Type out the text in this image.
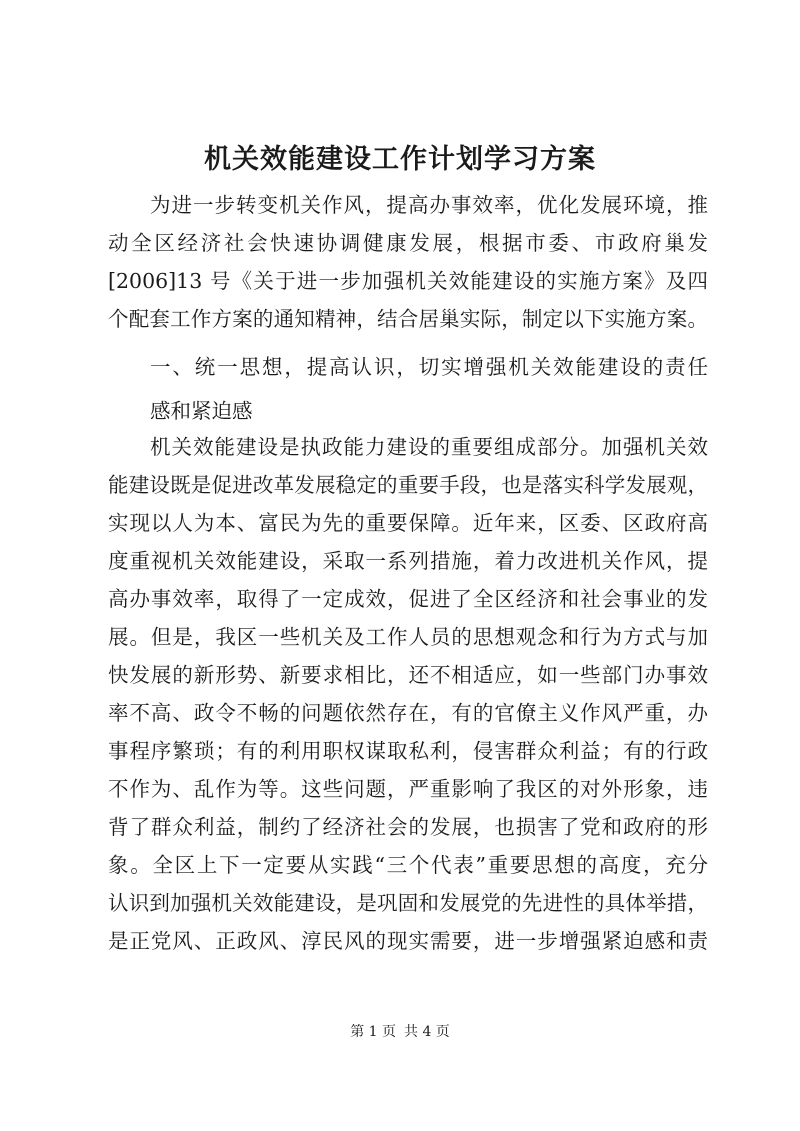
机关效能建设工作计划学习方案

为进一步转变机关作风，提高办事效率，优化发展环境，推

动全区经济社会快速协调健康发展，根据市委、市政府巢发

[2006]13 号《关于进一步加强机关效能建设的实施方案》及四

个配套工作方案的通知精神，结合居巢实际，制定以下实施方案。

一、统一思想，提高认识，切实增强机关效能建设的责任

感和紧迫感

机关效能建设是执政能力建设的重要组成部分。加强机关效

能建设既是促进改革发展稳定的重要手段，也是落实科学发展观，

实现以人为本、富民为先的重要保障。近年来，区委、区政府高

度重视机关效能建设，采取一系列措施，着力改进机关作风，提

高办事效率，取得了一定成效，促进了全区经济和社会事业的发

展。但是，我区一些机关及工作人员的思想观念和行为方式与加

快发展的新形势、新要求相比，还不相适应，如一些部门办事效

率不高、政令不畅的问题依然存在，有的官僚主义作风严重，办

事程序繁琐；有的利用职权谋取私利，侵害群众利益；有的行政

不作为、乱作为等。这些问题，严重影响了我区的对外形象，违

背了群众利益，制约了经济社会的发展，也损害了党和政府的形

象。全区上下一定要从实践“三个代表”重要思想的高度，充分

认识到加强机关效能建设，是巩固和发展党的先进性的具体举措，

是正党风、正政风、淳民风的现实需要，进一步增强紧迫感和责

第 1 页 共 4 页
